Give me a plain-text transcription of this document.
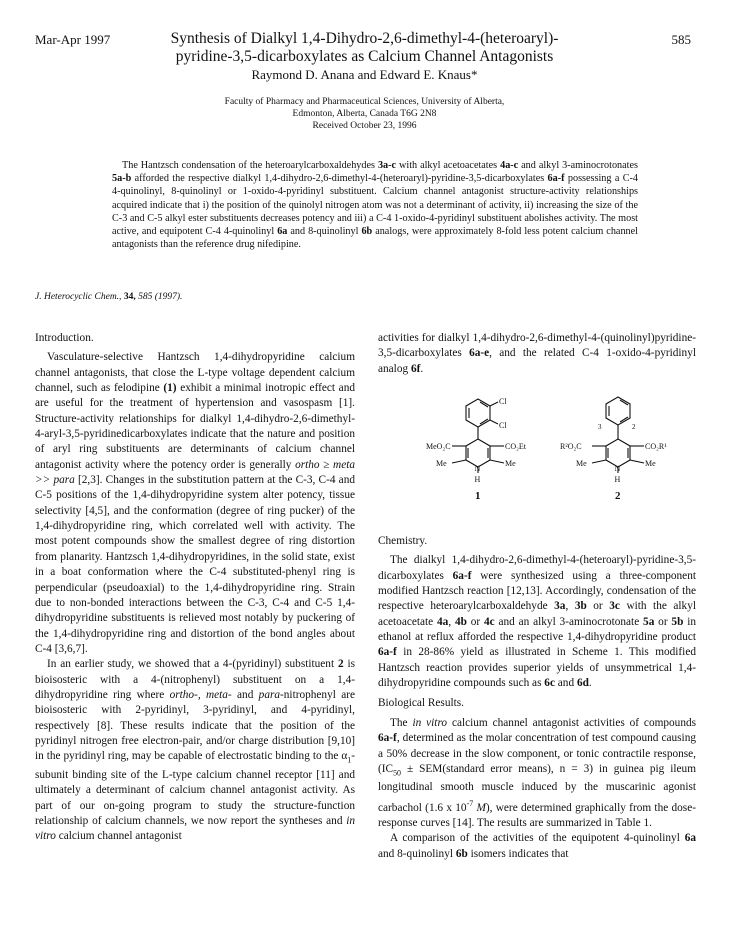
Mar-Apr 1997	585
Synthesis of Dialkyl 1,4-Dihydro-2,6-dimethyl-4-(heteroaryl)-
pyridine-3,5-dicarboxylates as Calcium Channel Antagonists
Raymond D. Anana and Edward E. Knaus*
Faculty of Pharmacy and Pharmaceutical Sciences, University of Alberta,
Edmonton, Alberta, Canada T6G 2N8
Received October 23, 1996
The Hantzsch condensation of the heteroarylcarboxaldehydes 3a-c with alkyl acetoacetates 4a-c and alkyl 3-aminocrotonates 5a-b afforded the respective dialkyl 1,4-dihydro-2,6-dimethyl-4-(heteroaryl)-pyridine-3,5-dicarboxylates 6a-f possessing a C-4 4-quinolinyl, 8-quinolinyl or 1-oxido-4-pyridinyl substituent. Calcium channel antagonist structure-activity relationships acquired indicate that i) the position of the quinolyl nitrogen atom was not a determinant of activity, ii) increasing the size of the C-3 and C-5 alkyl ester substituents decreases potency and iii) a C-4 1-oxido-4-pyridinyl substituent abolishes activity. The most active, and equipotent C-4 4-quinolinyl 6a and 8-quinolinyl 6b analogs, were approximately 8-fold less potent calcium channel antagonists than the reference drug nifedipine.
J. Heterocyclic Chem., 34, 585 (1997).

Introduction.

Vasculature-selective Hantzsch 1,4-dihydropyridine calcium channel antagonists, that close the L-type voltage dependent calcium channel, such as felodipine (1) exhibit a minimal inotropic effect and are useful for the treatment of hypertension and vasospasm [1]. Structure-activity relationships for dialkyl 1,4-dihydro-2,6-dimethyl-4-aryl-3,5-pyridinedicarboxylates indicate that the nature and position of aryl ring substituents are determinants of calcium channel antagonist activity where the potency order is generally ortho ≥ meta >> para [2,3]. Changes in the substitution pattern at the C-3, C-4 and C-5 positions of the 1,4-dihydropyridine system alter potency, tissue selectivity [4,5], and the conformation (degree of ring pucker) of the 1,4-dihydropyridine ring, which correlated well with activity. The most potent compounds show the smallest degree of ring distortion from planarity. Hantzsch 1,4-dihydropyridines, in the solid state, exist in a boat conformation where the C-4 substituted-phenyl ring is perpendicular (pseudoaxial) to the 1,4-dihydropyridine ring. Strain due to non-bonded interactions between the C-3, C-4 and C-5 1,4-dihydropyridine substituents is relieved most notably by puckering of the 1,4-dihydropyridine ring and distortion of the bond angles about C-4 [3,6,7].

In an earlier study, we showed that a 4-(pyridinyl) substituent 2 is bioisosteric with a 4-(nitrophenyl) substituent on a 1,4-dihydropyridine ring where ortho-, meta- and para-nitrophenyl are bioisosteric with 2-pyridinyl, 3-pyridinyl, and 4-pyridinyl, respectively [8]. These results indicate that the position of the pyridinyl nitrogen free electron-pair, and/or charge distribution [9,10] in the pyridinyl ring, may be capable of electrostatic binding to the $\alpha_1$-subunit binding site of the L-type calcium channel receptor [11] and ultimately a determinant of calcium channel antagonist activity. As part of our on-going program to study the structure-function relationship of calcium channels, we now report the syntheses and in vitro calcium channel antagonist

activities for dialkyl 1,4-dihydro-2,6-dimethyl-4-(quinolinyl)pyridine-3,5-dicarboxylates 6a-e, and the related C-4 1-oxido-4-pyridinyl analog 6f.

Chemistry.

The dialkyl 1,4-dihydro-2,6-dimethyl-4-(heteroaryl)-pyridine-3,5-dicarboxylates 6a-f were synthesized using a three-component modified Hantzsch reaction [12,13]. Accordingly, condensation of the respective heteroarylcarboxaldehyde 3a, 3b or 3c with the alkyl acetoacetate 4a, 4b or 4c and an alkyl 3-aminocrotonate 5a or 5b in ethanol at reflux afforded the respective 1,4-dihydropyridine product 6a-f in 28-86% yield as illustrated in Scheme 1. This modified Hantzsch reaction provides superior yields of unsymmetrical 1,4-dihydropyridine compounds such as 6c and 6d.

Biological Results.

The in vitro calcium channel antagonist activities of compounds 6a-f, determined as the molar concentration of test compound causing a 50% decrease in the slow component, or tonic contractile response, ($IC_{50}$ ± SEM(standard error means), n = 3) in guinea pig ileum longitudinal smooth muscle induced by the muscarinic agonist carbachol (1.6 x $10^{-7}$ M), were determined graphically from the dose-response curves [14]. The results are summarized in Table 1.

A comparison of the activities of the equipotent 4-quinolinyl 6a and 8-quinolinyl 6b isomers indicates that

Cl
Cl
MeO₂C	CO₂Et
Me	Me
N
H
1
3	2
R²O₂C	CO₂R¹
Me	Me
N
H
2
